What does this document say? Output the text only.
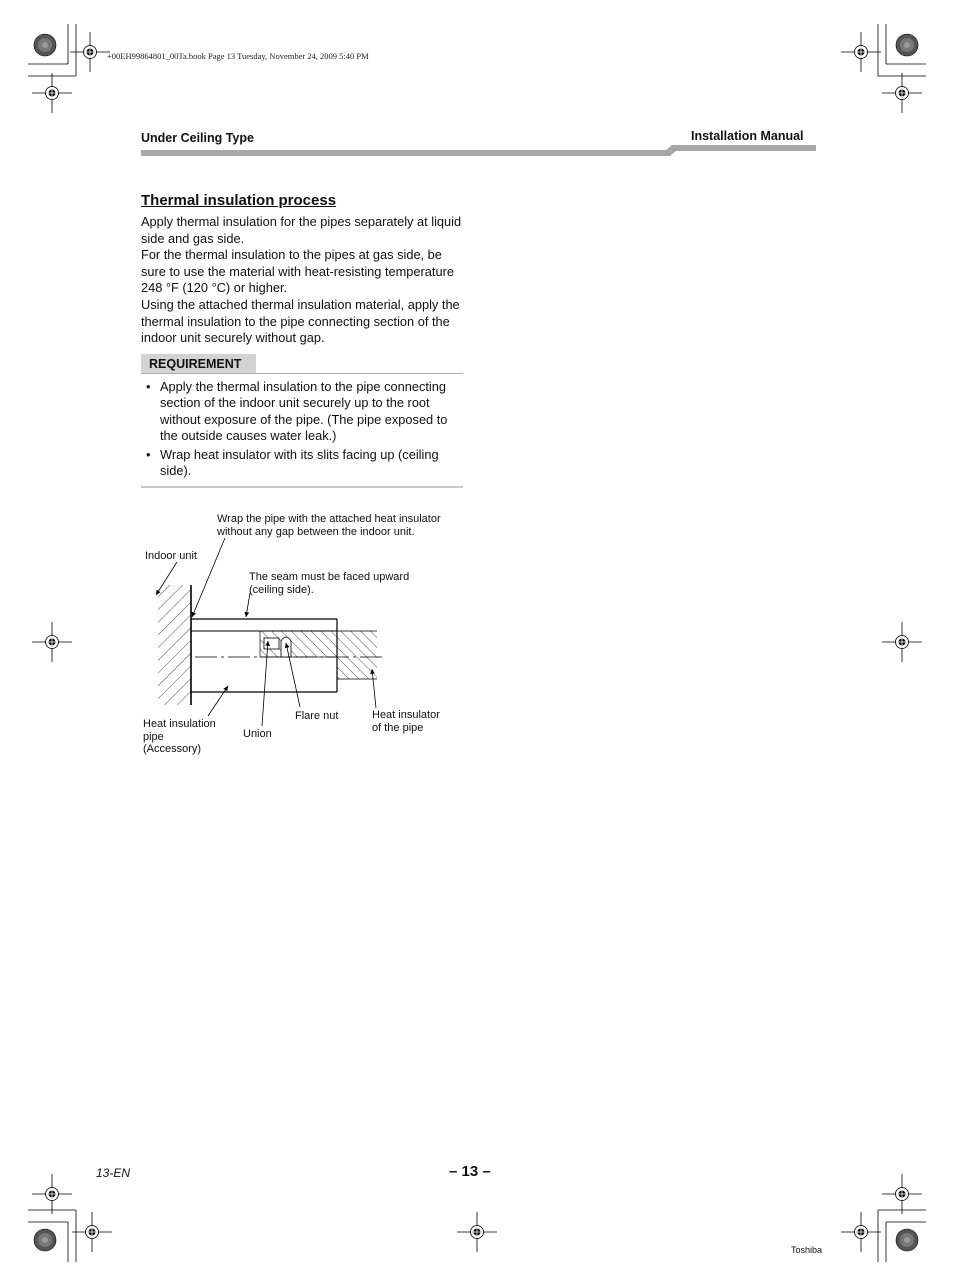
+00EH99864801_00Ta.book Page 13 Tuesday, November 24, 2009 5:40 PM
Under Ceiling Type	Installation Manual
Thermal insulation process

Apply thermal insulation for the pipes separately at liquid side and gas side.

For the thermal insulation to the pipes at gas side, be sure to use the material with heat-resisting temperature 248 °F (120 °C) or higher.

Using the attached thermal insulation material, apply the thermal insulation to the pipe connecting section of the indoor unit securely without gap.

REQUIREMENT
• Apply the thermal insulation to the pipe connecting section of the indoor unit securely up to the root without exposure of the pipe. (The pipe exposed to the outside causes water leak.)
• Wrap heat insulator with its slits facing up (ceiling side).
Wrap the pipe with the attached heat insulator
without any gap between the indoor unit.
Indoor unit
The seam must be faced upward
(ceiling side).
Heat insulation
pipe
(Accessory)
Union
Flare nut	Heat insulator
of the pipe
13-EN	– 13 –
Toshiba
